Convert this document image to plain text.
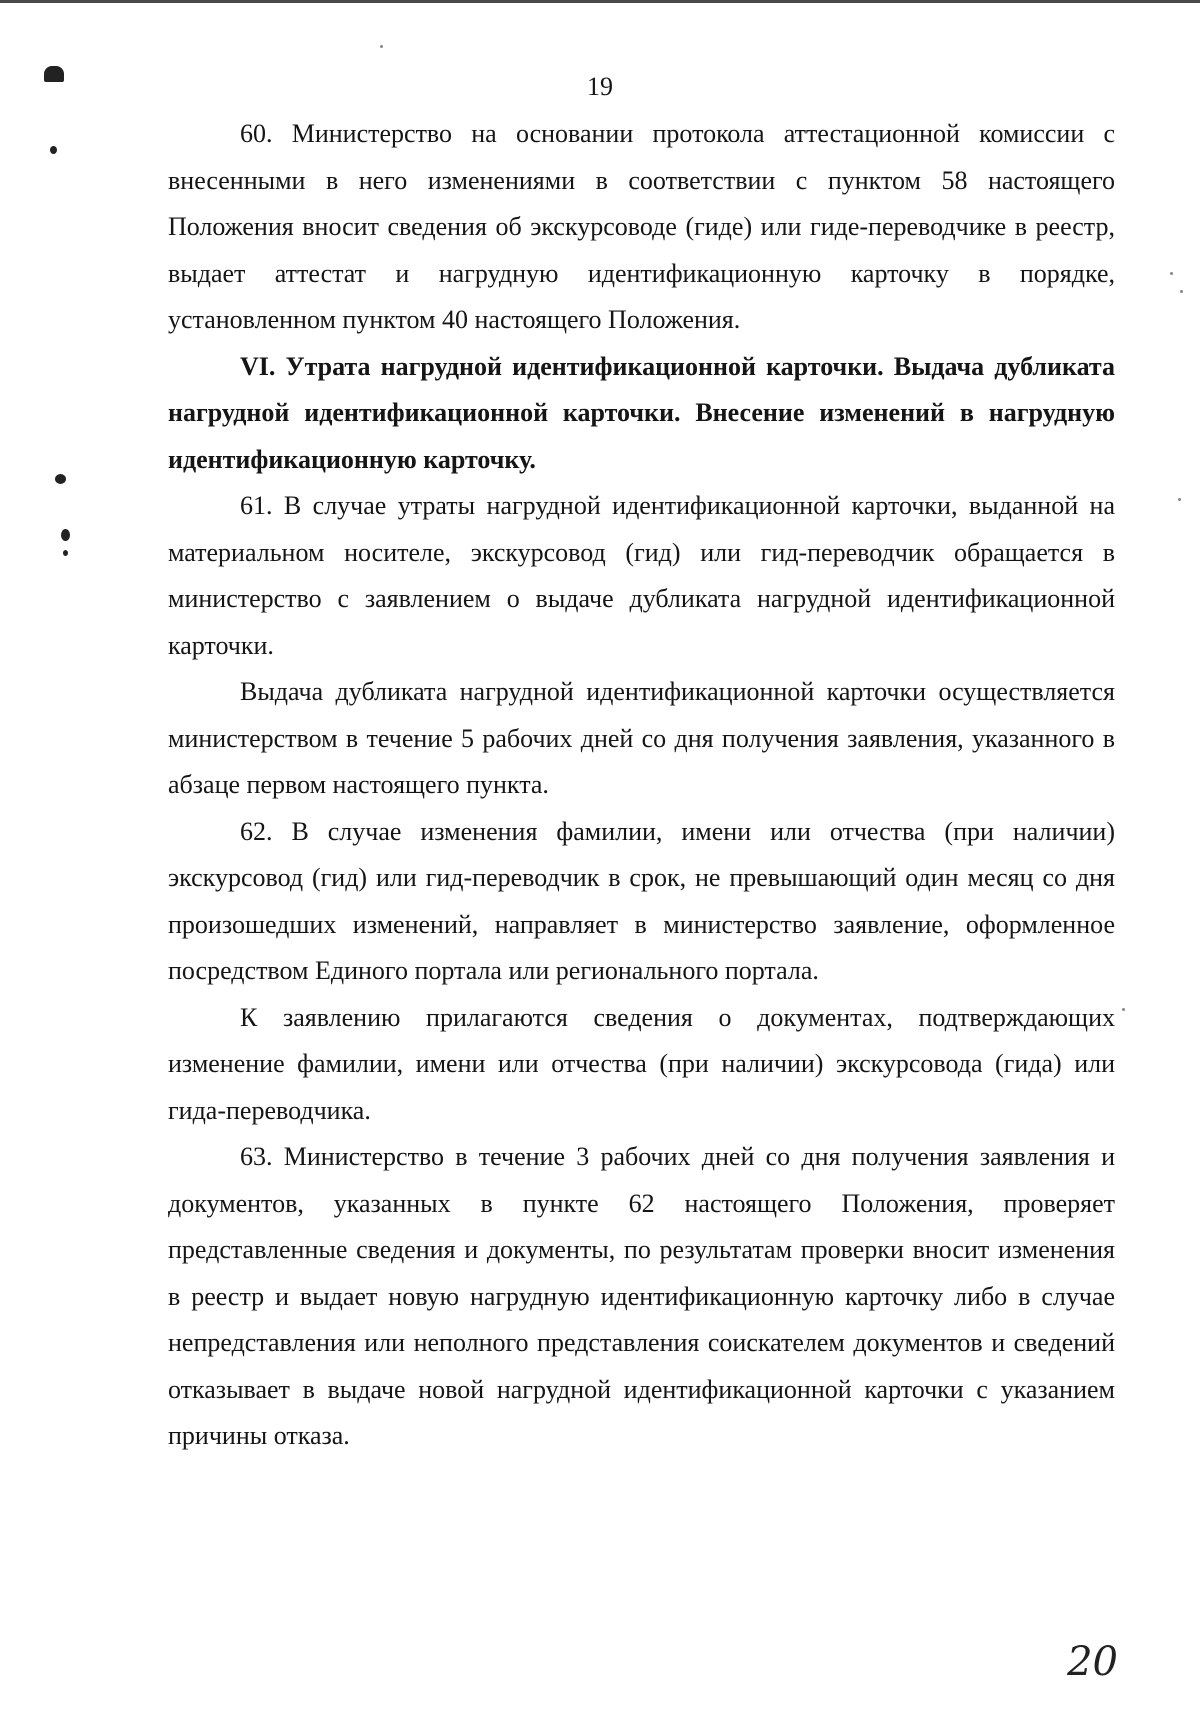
19

60. Министерство на основании протокола аттестационной комиссии с внесенными в него изменениями в соответствии с пунктом 58 настоящего Положения вносит сведения об экскурсоводе (гиде) или гиде-переводчике в реестр, выдает аттестат и нагрудную идентификационную карточку в порядке, установленном пунктом 40 настоящего Положения.

VI. Утрата нагрудной идентификационной карточки. Выдача дубликата нагрудной идентификационной карточки. Внесение изменений в нагрудную идентификационную карточку.

61. В случае утраты нагрудной идентификационной карточки, выданной на материальном носителе, экскурсовод (гид) или гид-переводчик обращается в министерство с заявлением о выдаче дубликата нагрудной идентификационной карточки.

Выдача дубликата нагрудной идентификационной карточки осуществляется министерством в течение 5 рабочих дней со дня получения заявления, указанного в абзаце первом настоящего пункта.

62. В случае изменения фамилии, имени или отчества (при наличии) экскурсовод (гид) или гид-переводчик в срок, не превышающий один месяц со дня произошедших изменений, направляет в министерство заявление, оформленное посредством Единого портала или регионального портала.

К заявлению прилагаются сведения о документах, подтверждающих изменение фамилии, имени или отчества (при наличии) экскурсовода (гида) или гида-переводчика.

63. Министерство в течение 3 рабочих дней со дня получения заявления и документов, указанных в пункте 62 настоящего Положения, проверяет представленные сведения и документы, по результатам проверки вносит изменения в реестр и выдает новую нагрудную идентификационную карточку либо в случае непредставления или неполного представления соискателем документов и сведений отказывает в выдаче новой нагрудной идентификационной карточки с указанием причины отказа.

20
